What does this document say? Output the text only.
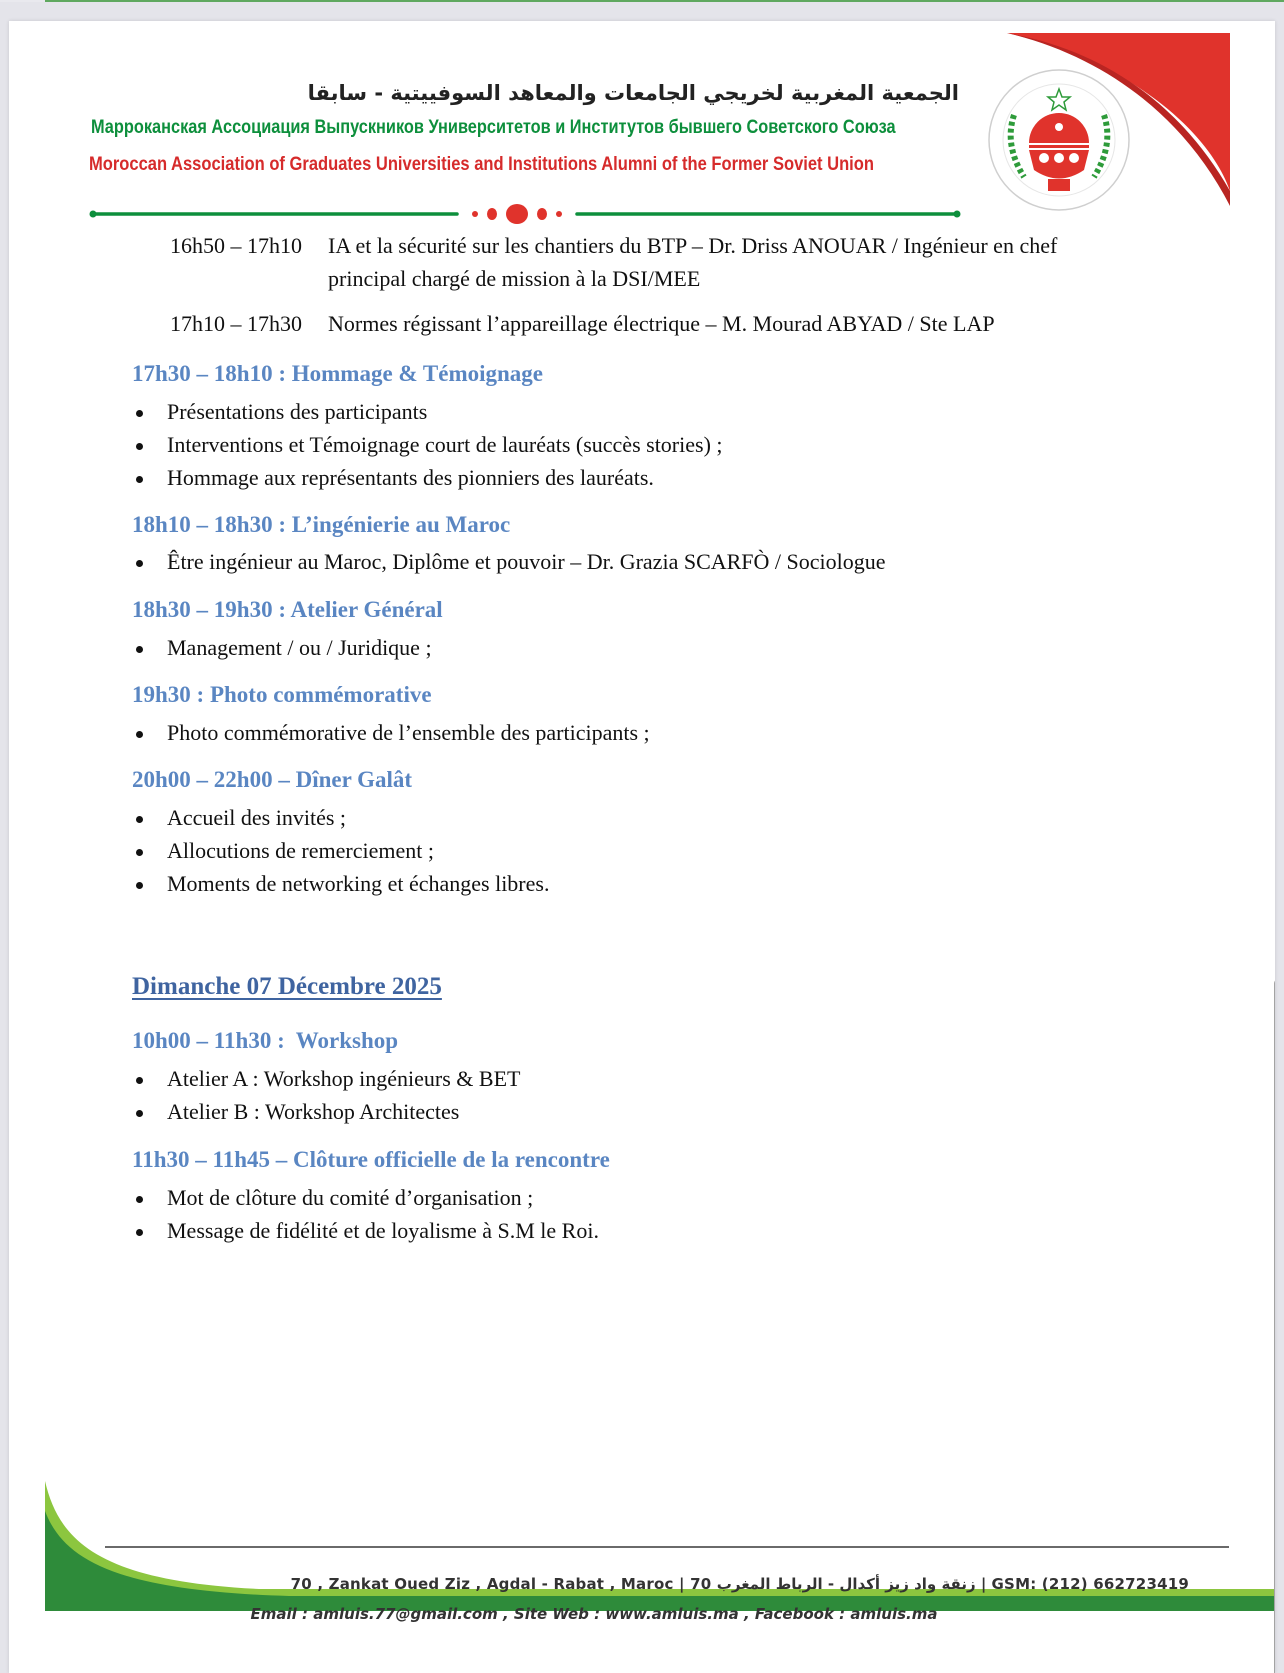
الجمعية المغربية لخريجي الجامعات والمعاهد السوفييتية - سابقا
Марроканская Ассоциация Выпускников Университетов и Институтов бывшего Советского Союза
Moroccan Association of Graduates Universities and Institutions Alumni of the Former Soviet Union
16h50 – 17h10 IA et la sécurité sur les chantiers du BTP – Dr. Driss ANOUAR / Ingénieur en chef principal chargé de mission à la DSI/MEE
17h10 – 17h30 Normes régissant l’appareillage électrique – M. Mourad ABYAD / Ste LAP
17h30 – 18h10 : Hommage & Témoignage
Présentations des participants
Interventions et Témoignage court de lauréats (succès stories) ;
Hommage aux représentants des pionniers des lauréats.
18h10 – 18h30 : L’ingénierie au Maroc
Être ingénieur au Maroc, Diplôme et pouvoir – Dr. Grazia SCARFÒ / Sociologue
18h30 – 19h30 : Atelier Général
Management / ou / Juridique ;
19h30 : Photo commémorative
Photo commémorative de l’ensemble des participants ;
20h00 – 22h00 – Dîner Galât
Accueil des invités ;
Allocutions de remerciement ;
Moments de networking et échanges libres.
Dimanche 07 Décembre 2025
10h00 – 11h30 :  Workshop
Atelier A : Workshop ingénieurs & BET
Atelier B : Workshop Architectes
11h30 – 11h45 – Clôture officielle de la rencontre
Mot de clôture du comité d’organisation ;
Message de fidélité et de loyalisme à S.M le Roi.
70 , Zankat Oued Ziz , Agdal - Rabat , Maroc | 70 زنقة واد زيز أكدال - الرباط المغرب | GSM: (212) 662723419
Email : amluis.77@gmail.com , Site Web : www.amluis.ma , Facebook : amluis.ma
